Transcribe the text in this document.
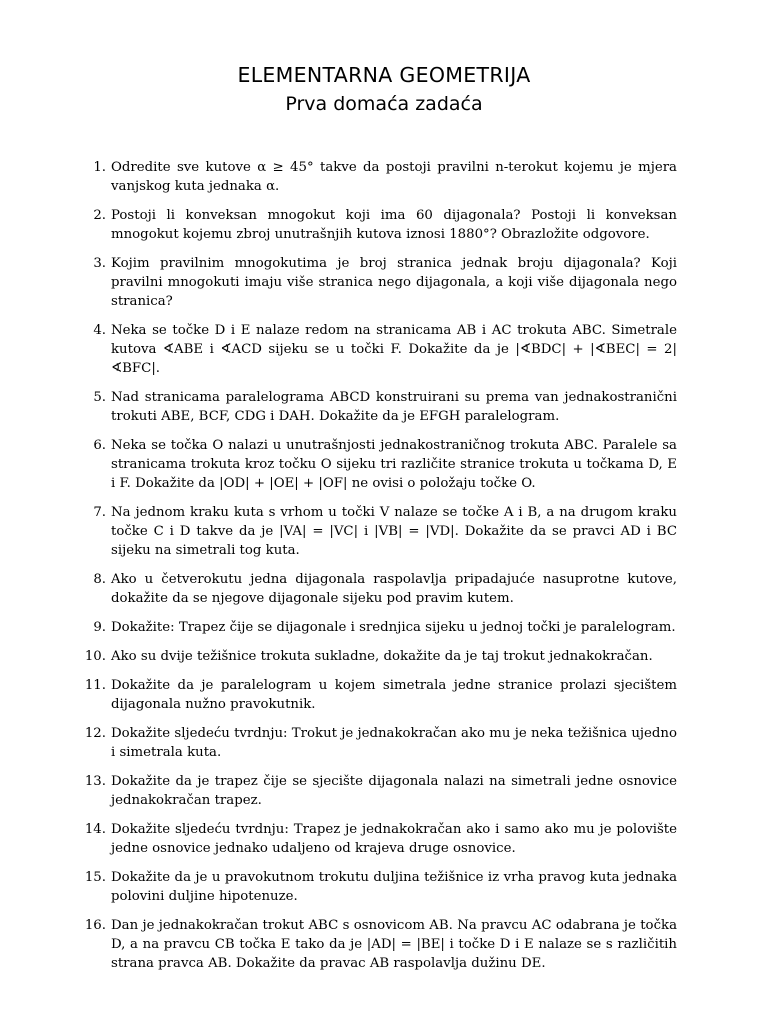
ELEMENTARNA GEOMETRIJA
Prva domaća zadaća
1. Odredite sve kutove α ≥ 45° takve da postoji pravilni n-terokut kojemu je mjera vanjskog kuta jednaka α.
2. Postoji li konveksan mnogokut koji ima 60 dijagonala? Postoji li konveksan mnogokut kojemu zbroj unutrašnjih kutova iznosi 1880°? Obrazložite odgovore.
3. Kojim pravilnim mnogokutima je broj stranica jednak broju dijagonala? Koji pravilni mnogokuti imaju više stranica nego dijagonala, a koji više dijagonala nego stranica?
4. Neka se točke D i E nalaze redom na stranicama AB i AC trokuta ABC. Simetrale kutova ∢ABE i ∢ACD sijeku se u točki F. Dokažite da je |∢BDC| + |∢BEC| = 2|∢BFC|.
5. Nad stranicama paralelograma ABCD konstruirani su prema van jednakostranični trokuti ABE, BCF, CDG i DAH. Dokažite da je EFGH paralelogram.
6. Neka se točka O nalazi u unutrašnjosti jednakostraničnog trokuta ABC. Paralele sa stranicama trokuta kroz točku O sijeku tri različite stranice trokuta u točkama D, E i F. Dokažite da |OD| + |OE| + |OF| ne ovisi o položaju točke O.
7. Na jednom kraku kuta s vrhom u točki V nalaze se točke A i B, a na drugom kraku točke C i D takve da je |VA| = |VC| i |VB| = |VD|. Dokažite da se pravci AD i BC sijeku na simetrali tog kuta.
8. Ako u četverokutu jedna dijagonala raspolavlja pripadajuće nasuprotne kutove, dokažite da se njegove dijagonale sijeku pod pravim kutem.
9. Dokažite: Trapez čije se dijagonale i srednjica sijeku u jednoj točki je paralelogram.
10. Ako su dvije težišnice trokuta sukladne, dokažite da je taj trokut jednakokračan.
11. Dokažite da je paralelogram u kojem simetrala jedne stranice prolazi sjecištem dijagonala nužno pravokutnik.
12. Dokažite sljedeću tvrdnju: Trokut je jednakokračan ako mu je neka težišnica ujedno i simetrala kuta.
13. Dokažite da je trapez čije se sjecište dijagonala nalazi na simetrali jedne osnovice jednakokračan trapez.
14. Dokažite sljedeću tvrdnju: Trapez je jednakokračan ako i samo ako mu je polovište jedne osnovice jednako udaljeno od krajeva druge osnovice.
15. Dokažite da je u pravokutnom trokutu duljina težišnice iz vrha pravog kuta jednaka polovini duljine hipotenuze.
16. Dan je jednakokračan trokut ABC s osnovicom AB. Na pravcu AC odabrana je točka D, a na pravcu CB točka E tako da je |AD| = |BE| i točke D i E nalaze se s različitih strana pravca AB. Dokažite da pravac AB raspolavlja dužinu DE.
